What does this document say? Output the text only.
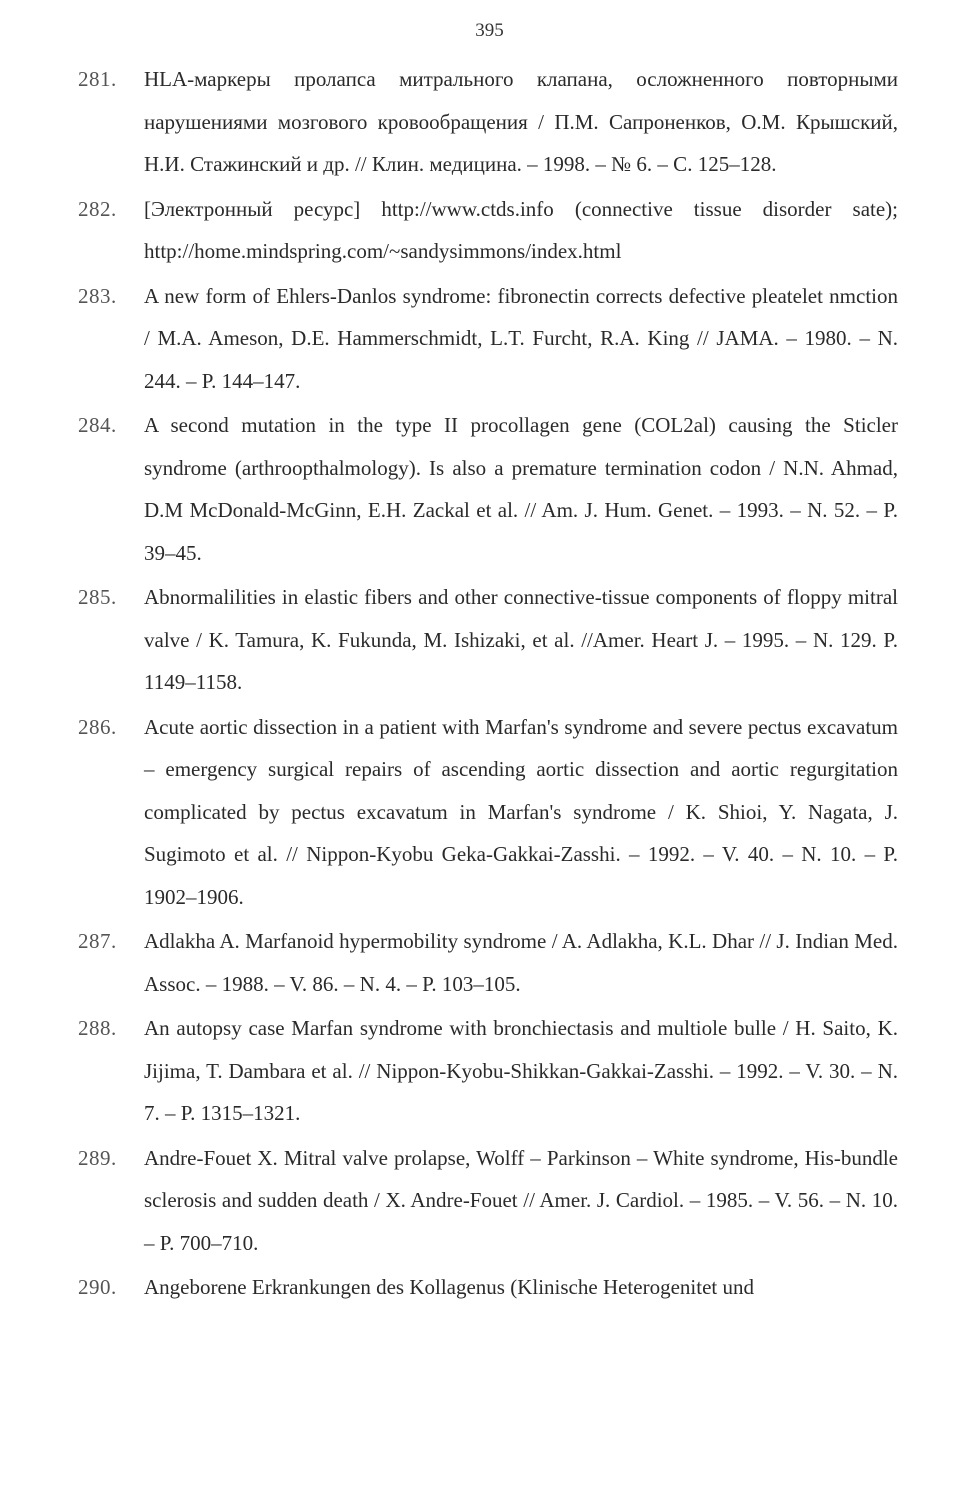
395
281.	HLA-маркеры пролапса митрального клапана, осложненного повторными нарушениями мозгового кровообращения / П.М. Сапроненков, О.М. Крышский, Н.И. Стажинский и др. // Клин. медицина. – 1998. – № 6. – С. 125–128.
282.	[Электронный ресурс] http://www.ctds.info (connective tissue disorder sate); http://home.mindspring.com/~sandysimmons/index.html
283.	A new form of Ehlers-Danlos syndrome: fibronectin corrects defective pleatelet nmction / M.A. Ameson, D.E. Hammerschmidt, L.T. Furcht, R.A. King // JAMA. – 1980. – N. 244. – P. 144–147.
284.	A second mutation in the type II procollagen gene (COL2al) causing the Sticler syndrome (arthroopthalmology). Is also a premature termination codon / N.N. Ahmad, D.M McDonald-McGinn, E.H. Zackal et al. // Am. J. Hum. Genet. – 1993. – N. 52. – P. 39–45.
285.	Abnormalilities in elastic fibers and other connective-tissue components of floppy mitral valve / K. Tamura, K. Fukunda, M. Ishizaki, et al. //Amer. Heart J. – 1995. – N. 129. P. 1149–1158.
286.	Acute aortic dissection in a patient with Marfan's syndrome and severe pectus excavatum – emergency surgical repairs of ascending aortic dissection and aortic regurgitation complicated by pectus excavatum in Marfan's syndrome / K. Shioi, Y. Nagata, J. Sugimoto et al. // Nippon-Kyobu Geka-Gakkai-Zasshi. – 1992. – V. 40. – N. 10. – P. 1902–1906.
287.	Adlakha A. Marfanoid hypermobility syndrome / A. Adlakha, K.L. Dhar // J. Indian Med. Assoc. – 1988. – V. 86. – N. 4. – P. 103–105.
288.	An autopsy case Marfan syndrome with bronchiectasis and multiole bulle / H. Saito, K. Jijima, T. Dambara et al. // Nippon-Kyobu-Shikkan-Gakkai-Zasshi. – 1992. – V. 30. – N. 7. – P. 1315–1321.
289.	Andre-Fouet X. Mitral valve prolapse, Wolff – Parkinson – White syndrome, His-bundle sclerosis and sudden death / X. Andre-Fouet // Amer. J. Cardiol. – 1985. – V. 56. – N. 10. – P. 700–710.
290.	Angeborene Erkrankungen des Kollagenus (Klinische Heterogenitet und
